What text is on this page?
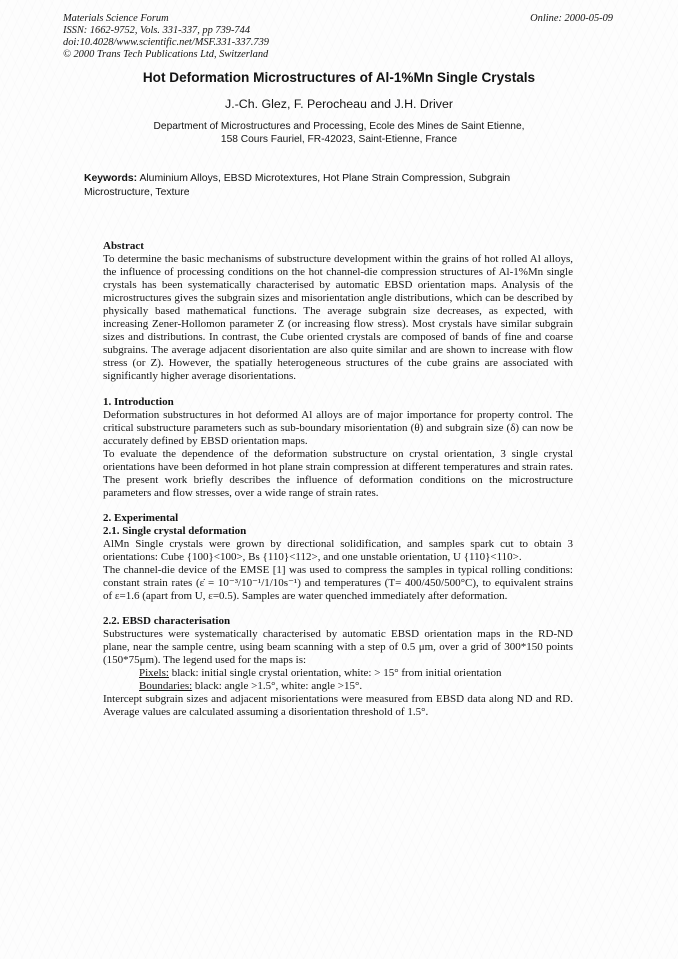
Materials Science Forum
ISSN: 1662-9752, Vols. 331-337, pp 739-744
doi:10.4028/www.scientific.net/MSF.331-337.739
© 2000 Trans Tech Publications Ltd, Switzerland
Online: 2000-05-09
Hot Deformation Microstructures of Al-1%Mn Single Crystals
J.-Ch. Glez, F. Perocheau and J.H. Driver
Department of Microstructures and Processing, Ecole des Mines de Saint Etienne,
158 Cours Fauriel, FR-42023, Saint-Etienne, France
Keywords: Aluminium Alloys, EBSD Microtextures, Hot Plane Strain Compression, Subgrain Microstructure, Texture

Abstract

To determine the basic mechanisms of substructure development within the grains of hot rolled Al alloys, the influence of processing conditions on the hot channel-die compression structures of Al-1%Mn single crystals has been systematically characterised by automatic EBSD orientation maps. Analysis of the microstructures gives the subgrain sizes and misorientation angle distributions, which can be described by physically based mathematical functions. The average subgrain size decreases, as expected, with increasing Zener-Hollomon parameter Z (or increasing flow stress). Most crystals have similar subgrain sizes and distributions. In contrast, the Cube oriented crystals are composed of bands of fine and coarse subgrains. The average adjacent disorientation are also quite similar and are shown to increase with flow stress (or Z). However, the spatially heterogeneous structures of the cube grains are associated with significantly higher average disorientations.

1. Introduction

Deformation substructures in hot deformed Al alloys are of major importance for property control. The critical substructure parameters such as sub-boundary misorientation (θ) and subgrain size (δ) can now be accurately defined by EBSD orientation maps.

To evaluate the dependence of the deformation substructure on crystal orientation, 3 single crystal orientations have been deformed in hot plane strain compression at different temperatures and strain rates. The present work briefly describes the influence of deformation conditions on the microstructure parameters and flow stresses, over a wide range of strain rates.

2. Experimental

2.1. Single crystal deformation

AlMn Single crystals were grown by directional solidification, and samples spark cut to obtain 3 orientations: Cube {100}<100>, Bs {110}<112>, and one unstable orientation, U {110}<110>.

The channel-die device of the EMSE [1] was used to compress the samples in typical rolling conditions: constant strain rates (ε̇ = 10⁻³/10⁻¹/1/10s⁻¹) and temperatures (T= 400/450/500°C), to equivalent strains of ε=1.6 (apart from U, ε=0.5). Samples are water quenched immediately after deformation.

2.2. EBSD characterisation

Substructures were systematically characterised by automatic EBSD orientation maps in the RD-ND plane, near the sample centre, using beam scanning with a step of 0.5 μm, over a grid of 300*150 points (150*75μm). The legend used for the maps is:

Pixels: black: initial single crystal orientation, white: > 15° from initial orientation

Boundaries: black: angle >1.5°, white: angle >15°.

Intercept subgrain sizes and adjacent misorientations were measured from EBSD data along ND and RD. Average values are calculated assuming a disorientation threshold of 1.5°.
